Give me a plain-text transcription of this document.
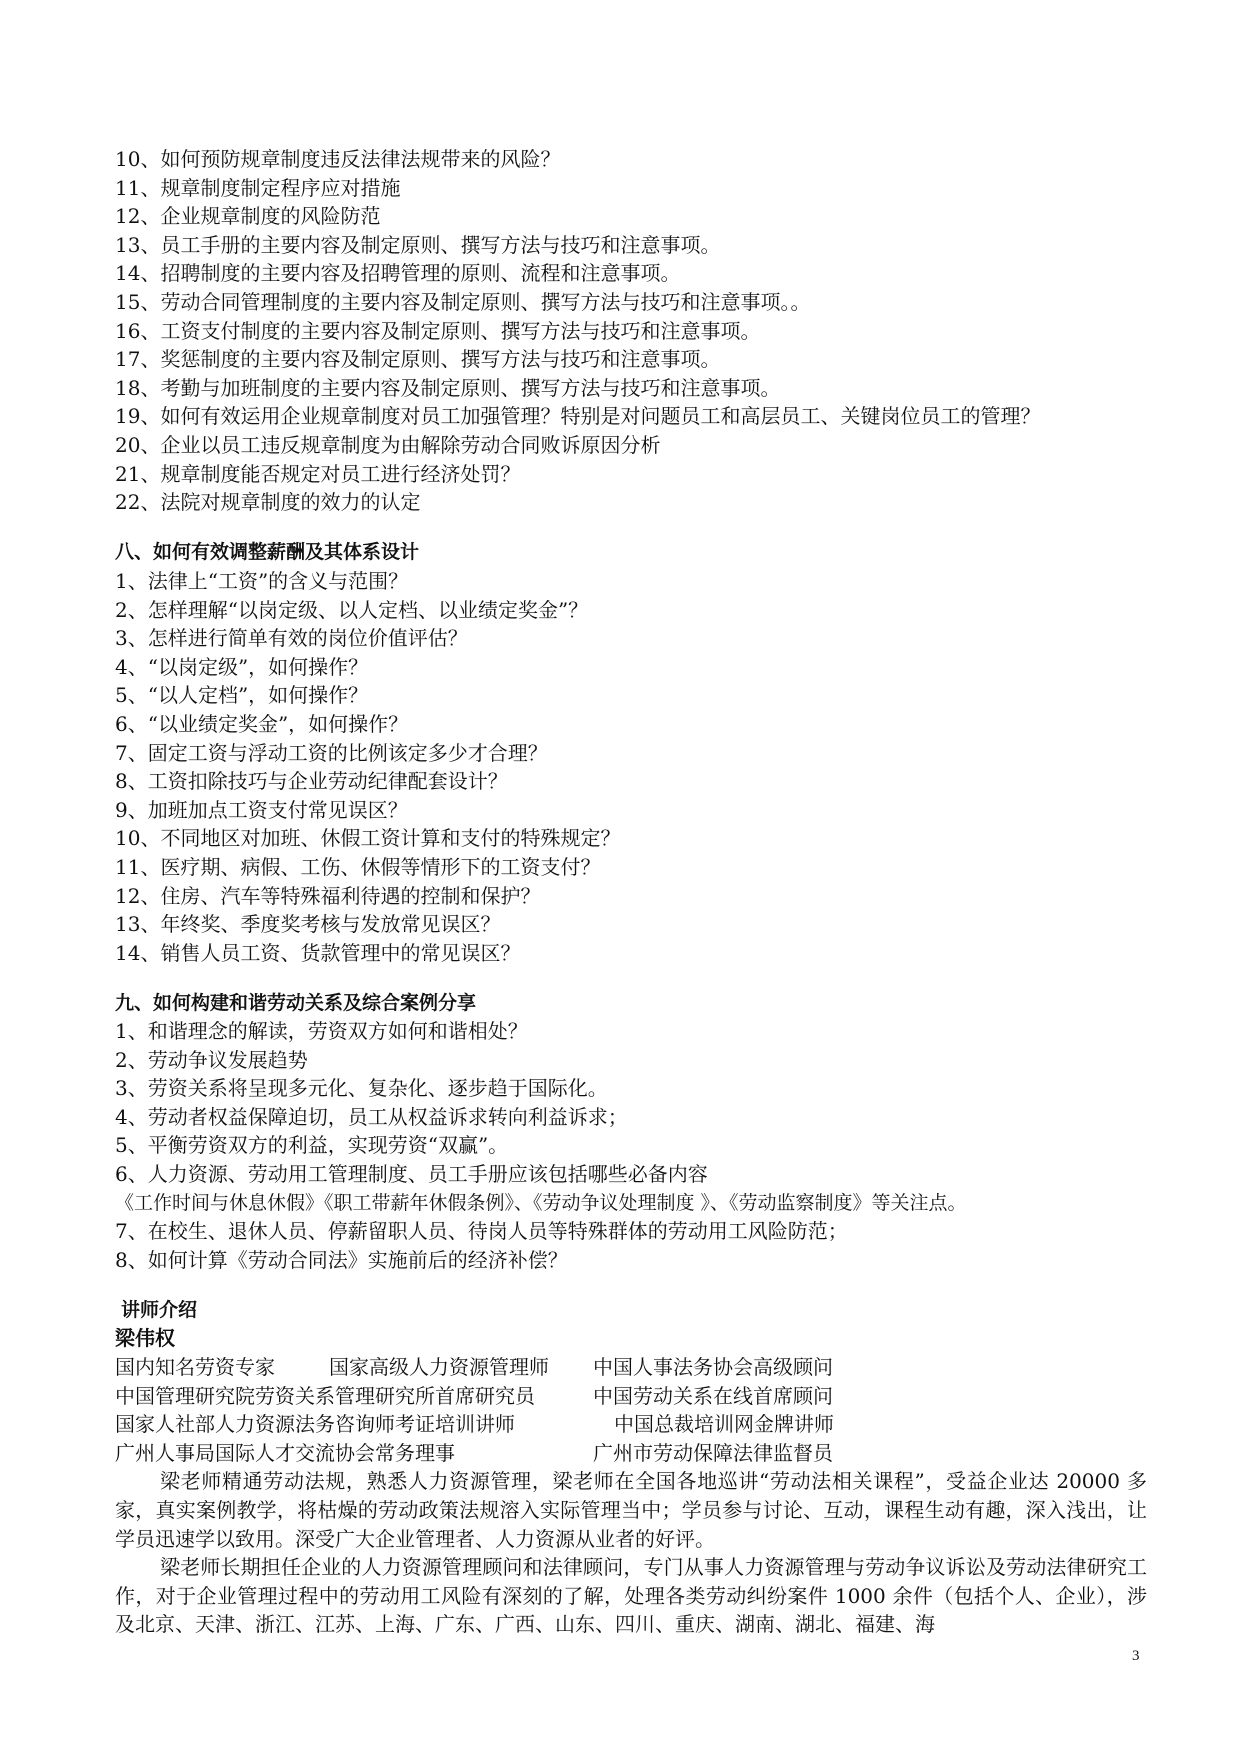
10、如何预防规章制度违反法律法规带来的风险？
11、规章制度制定程序应对措施
12、企业规章制度的风险防范
13、员工手册的主要内容及制定原则、撰写方法与技巧和注意事项。
14、招聘制度的主要内容及招聘管理的原则、流程和注意事项。
15、劳动合同管理制度的主要内容及制定原则、撰写方法与技巧和注意事项。。
16、工资支付制度的主要内容及制定原则、撰写方法与技巧和注意事项。
17、奖惩制度的主要内容及制定原则、撰写方法与技巧和注意事项。
18、考勤与加班制度的主要内容及制定原则、撰写方法与技巧和注意事项。
19、如何有效运用企业规章制度对员工加强管理？特别是对问题员工和高层员工、关键岗位员工的管理？
20、企业以员工违反规章制度为由解除劳动合同败诉原因分析
21、规章制度能否规定对员工进行经济处罚？
22、法院对规章制度的效力的认定
八、如何有效调整薪酬及其体系设计
1、法律上“工资”的含义与范围？
2、怎样理解“以岗定级、以人定档、以业绩定奖金”？
3、怎样进行简单有效的岗位价值评估？
4、“以岗定级”，如何操作？
5、“以人定档”，如何操作？
6、“以业绩定奖金”，如何操作？
7、固定工资与浮动工资的比例该定多少才合理？
8、工资扣除技巧与企业劳动纪律配套设计？
9、加班加点工资支付常见误区？
10、不同地区对加班、休假工资计算和支付的特殊规定？
11、医疗期、病假、工伤、休假等情形下的工资支付？
12、住房、汽车等特殊福利待遇的控制和保护？
13、年终奖、季度奖考核与发放常见误区？
14、销售人员工资、货款管理中的常见误区？
九、如何构建和谐劳动关系及综合案例分享
1、和谐理念的解读，劳资双方如何和谐相处？
2、劳动争议发展趋势
3、劳资关系将呈现多元化、复杂化、逐步趋于国际化。
4、劳动者权益保障迫切，员工从权益诉求转向利益诉求；
5、平衡劳资双方的利益，实现劳资“双赢”。
6、人力资源、劳动用工管理制度、员工手册应该包括哪些必备内容
《工作时间与休息休假》《职工带薪年休假条例》、《劳动争议处理制度 》、《劳动监察制度》等关注点。
7、在校生、退休人员、停薪留职人员、待岗人员等特殊群体的劳动用工风险防范；
8、如何计算《劳动合同法》实施前后的经济补偿？
讲师介绍
梁伟权
国内知名劳资专家	国家高级人力资源管理师 中国人事法务协会高级顾问
中国管理研究院劳资关系管理研究所首席研究员	中国劳动关系在线首席顾问
国家人社部人力资源法务咨询师考证培训讲师	中国总裁培训网金牌讲师
广州人事局国际人才交流协会常务理事	广州市劳动保障法律监督员
梁老师精通劳动法规，熟悉人力资源管理，梁老师在全国各地巡讲“劳动法相关课程”，受益企业达 20000 多家，真实案例教学，将枯燥的劳动政策法规溶入实际管理当中；学员参与讨论、互动，课程生动有趣，深入浅出，让学员迅速学以致用。深受广大企业管理者、人力资源从业者的好评。
梁老师长期担任企业的人力资源管理顾问和法律顾问，专门从事人力资源管理与劳动争议诉讼及劳动法律研究工作，对于企业管理过程中的劳动用工风险有深刻的了解，处理各类劳动纠纷案件 1000 余件（包括个人、企业），涉及北京、天津、浙江、江苏、上海、广东、广西、山东、四川、重庆、湖南、湖北、福建、海
3
